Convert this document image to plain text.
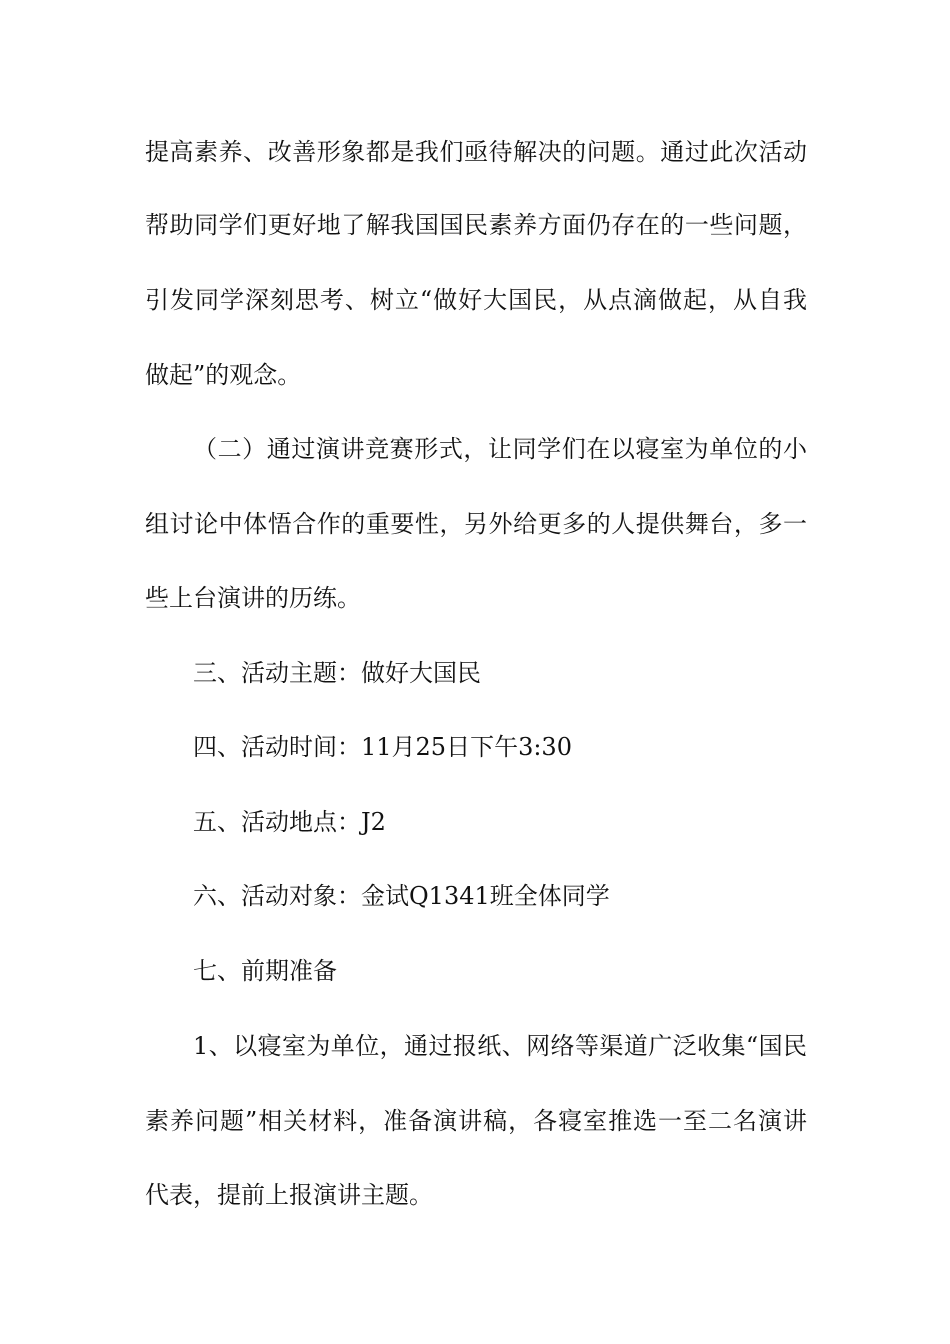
提高素养、改善形象都是我们亟待解决的问题。通过此次活动
帮助同学们更好地了解我国国民素养方面仍存在的一些问题，
引发同学深刻思考、树立“做好大国民，从点滴做起，从自我
做起”的观念。
（二）通过演讲竞赛形式，让同学们在以寝室为单位的小
组讨论中体悟合作的重要性，另外给更多的人提供舞台，多一
些上台演讲的历练。
三、活动主题：做好大国民
四、活动时间：11月25日下午3:30
五、活动地点：J2
六、活动对象：金试Q1341班全体同学
七、前期准备
1、以寝室为单位，通过报纸、网络等渠道广泛收集“国民
素养问题”相关材料，准备演讲稿，各寝室推选一至二名演讲
代表，提前上报演讲主题。
